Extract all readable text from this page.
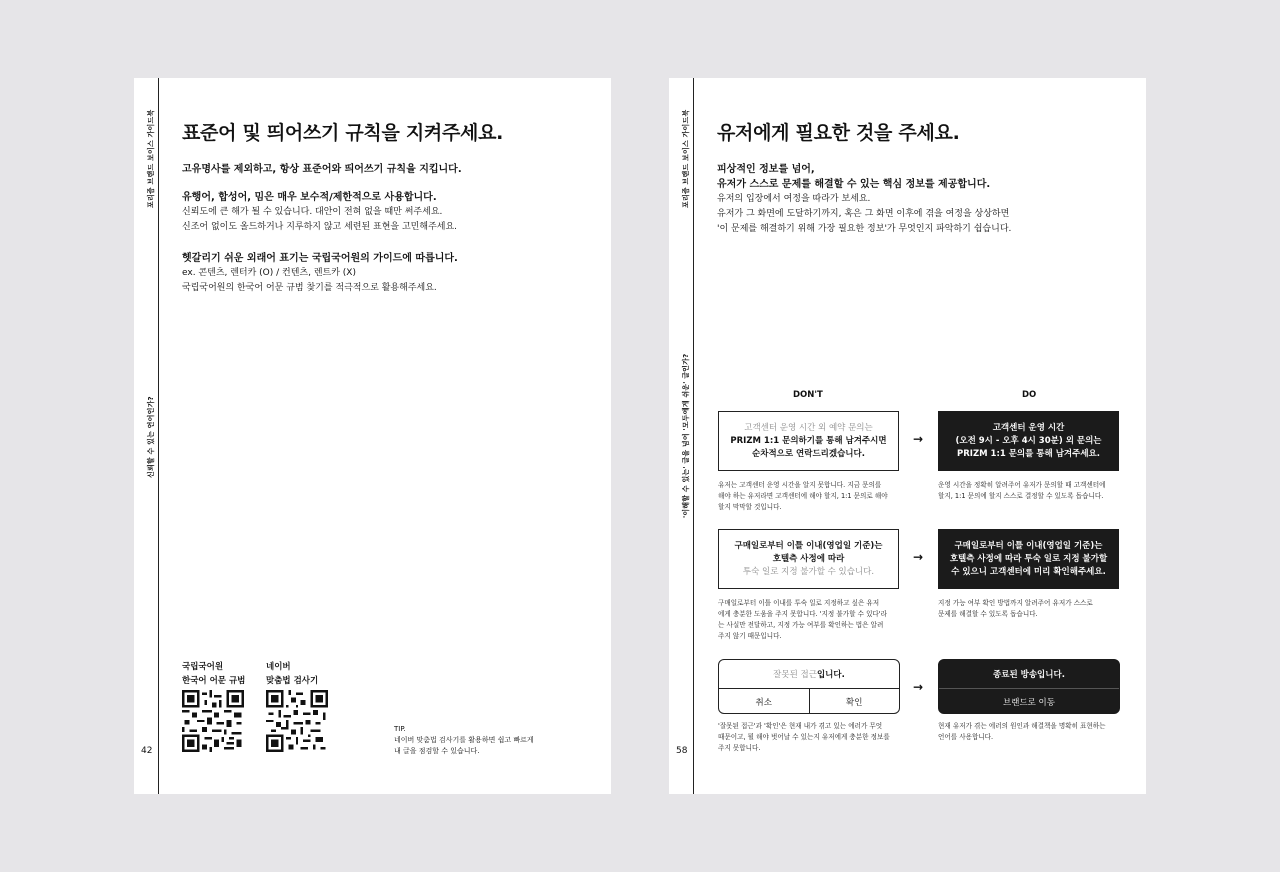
포리즘 브랜드 보이스 가이드북
신뢰할 수 있는 언어인가?
42
표준어 및 띄어쓰기 규칙을 지켜주세요.
고유명사를 제외하고, 항상 표준어와 띄어쓰기 규칙을 지킵니다.
유행어, 합성어, 밈은 매우 보수적/제한적으로 사용합니다.
신뢰도에 큰 해가 될 수 있습니다. 대안이 전혀 없을 때만 써주세요.
신조어 없이도 올드하거나 지루하지 않고 세련된 표현을 고민해주세요.
헷갈리기 쉬운 외래어 표기는 국립국어원의 가이드에 따릅니다.
ex. 콘텐츠, 렌터카 (O) / 컨텐츠, 렌트카 (X)
국립국어원의 한국어 어문 규범 찾기를 적극적으로 활용해주세요.
국립국어원
한국어 어문 규범
네이버
맞춤법 검사기
TIP.
네이버 맞춤법 검사기를 활용하면 쉽고 빠르게
내 글을 점검할 수 있습니다.
포리즘 브랜드 보이스 가이드북
'이해할 수 있는' 글을 넘어 '모두에게 쉬운' 글인가?
58
유저에게 필요한 것을 주세요.
피상적인 정보를 넘어,
유저가 스스로 문제를 해결할 수 있는 핵심 정보를 제공합니다.
유저의 입장에서 여정을 따라가 보세요.
유저가 그 화면에 도달하기까지, 혹은 그 화면 이후에 겪을 여정을 상상하면
'이 문제를 해결하기 위해 가장 필요한 정보'가 무엇인지 파악하기 쉽습니다.
DON'T	DO
고객센터 운영 시간 외 예약 문의는
PRIZM 1:1 문의하기를 통해 남겨주시면
순차적으로 연락드리겠습니다.
→
고객센터 운영 시간
(오전 9시 - 오후 4시 30분) 외 문의는
PRIZM 1:1 문의를 통해 남겨주세요.
유저는 고객센터 운영 시간을 알지 못합니다. 지금 문의를
해야 하는 유저라면 고객센터에 해야 할지, 1:1 문의로 해야
할지 막막할 것입니다.
운영 시간을 정확히 알려주어 유저가 문의할 때 고객센터에
할지, 1:1 문의에 할지 스스로 결정할 수 있도록 돕습니다.
구매일로부터 이틀 이내(영업일 기준)는
호텔측 사정에 따라
투숙 일로 지정 불가할 수 있습니다.
→
구매일로부터 이틀 이내(영업일 기준)는
호텔측 사정에 따라 투숙 일로 지정 불가할
수 있으니 고객센터에 미리 확인해주세요.
구매일로부터 이틀 이내를 투숙 일로 지정하고 싶은 유저
에게 충분한 도움을 주지 못합니다. '지정 불가할 수 있다'라
는 사실만 전달하고, 지정 가능 여부를 확인하는 법은 알려
주지 않기 때문입니다.
지정 가능 여부 확인 방법까지 알려주어 유저가 스스로
문제를 해결할 수 있도록 돕습니다.
잘못된 접근 입니다.
취소	확인
→
종료된 방송입니다.
브랜드로 이동
'잘못된 접근'과 '확인'은 현재 내가 겪고 있는 에러가 무엇
때문이고, 뭘 해야 벗어날 수 있는지 유저에게 충분한 정보를
주지 못합니다.
현재 유저가 겪는 에러의 원인과 해결책을 명확히 표현하는
언어를 사용합니다.
